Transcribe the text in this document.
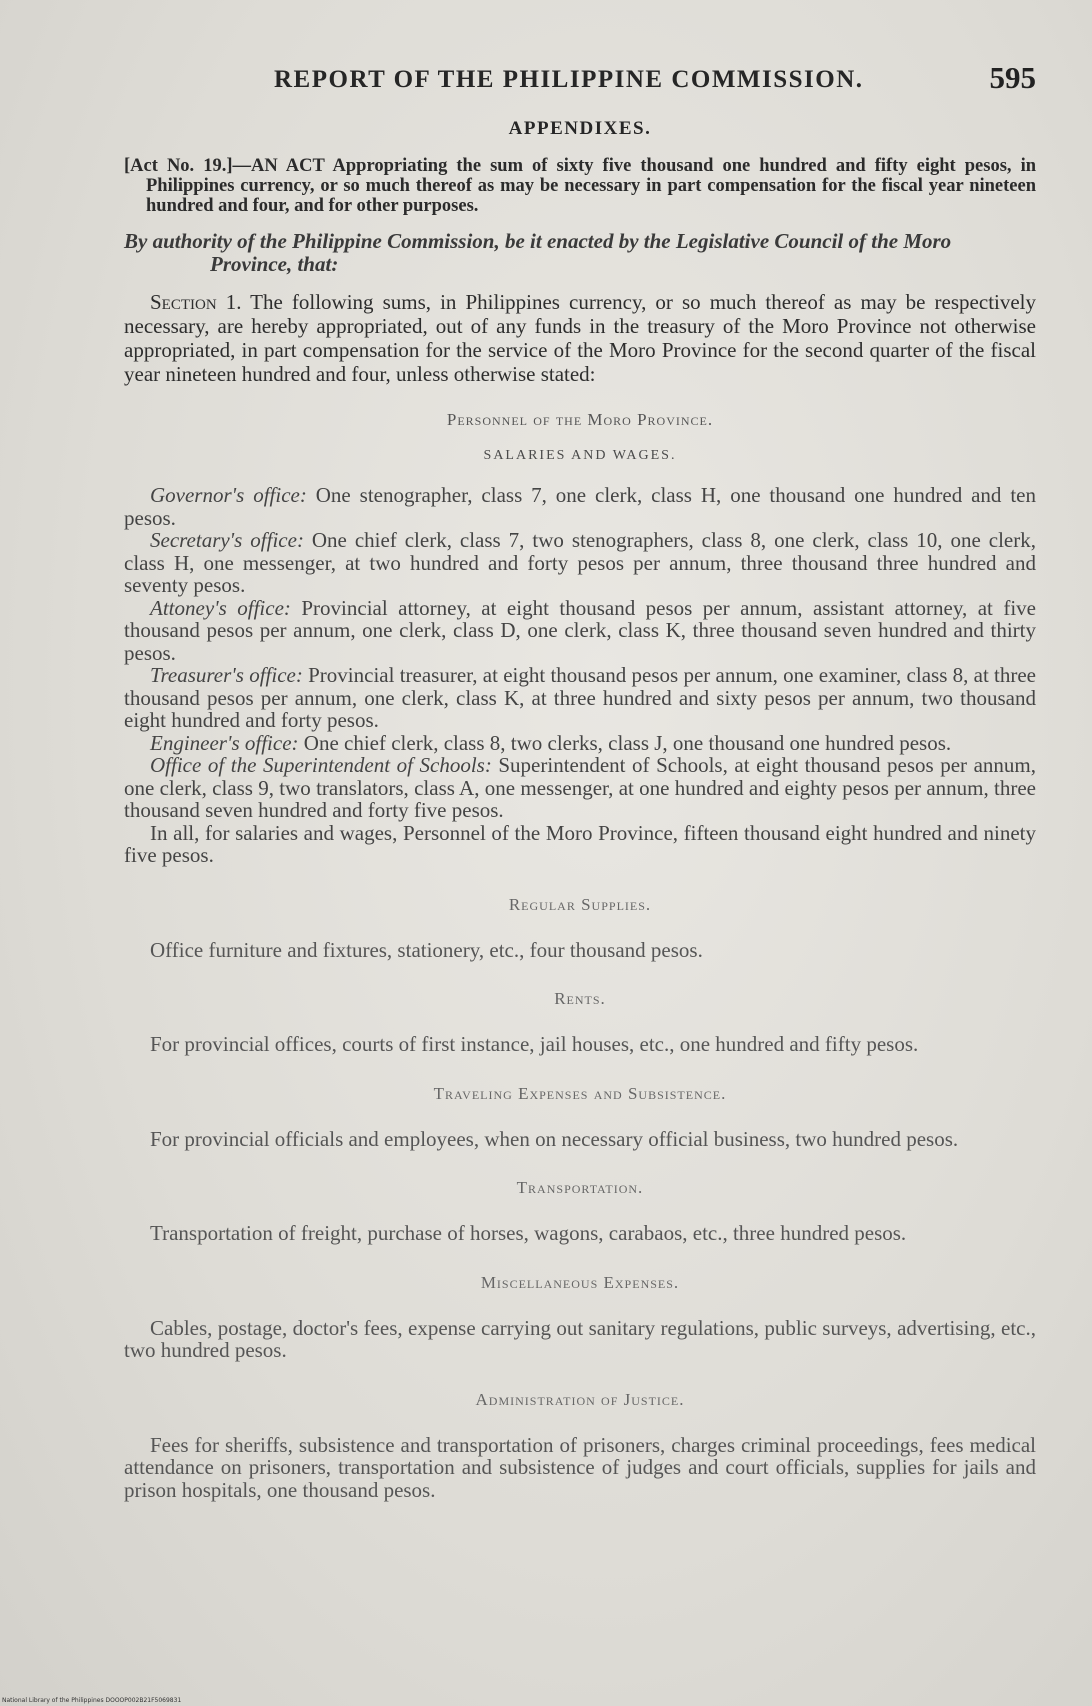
REPORT OF THE PHILIPPINE COMMISSION.	595
APPENDIXES.
[Act No. 19.]—AN ACT Appropriating the sum of sixty five thousand one hundred and fifty eight pesos, in Philippines currency, or so much thereof as may be necessary in part compensation for the fiscal year nineteen hundred and four, and for other purposes.
By authority of the Philippine Commission, be it enacted by the Legislative Council of the Moro Province, that:
Section 1. The following sums, in Philippines currency, or so much thereof as may be respectively necessary, are hereby appropriated, out of any funds in the treasury of the Moro Province not otherwise appropriated, in part compensation for the service of the Moro Province for the second quarter of the fiscal year nineteen hundred and four, unless otherwise stated:
Personnel of the Moro Province.
SALARIES AND WAGES.

Governor's office: One stenographer, class 7, one clerk, class H, one thousand one hundred and ten pesos.

Secretary's office: One chief clerk, class 7, two stenographers, class 8, one clerk, class 10, one clerk, class H, one messenger, at two hundred and forty pesos per annum, three thousand three hundred and seventy pesos.

Attoney's office: Provincial attorney, at eight thousand pesos per annum, assistant attorney, at five thousand pesos per annum, one clerk, class D, one clerk, class K, three thousand seven hundred and thirty pesos.

Treasurer's office: Provincial treasurer, at eight thousand pesos per annum, one examiner, class 8, at three thousand pesos per annum, one clerk, class K, at three hundred and sixty pesos per annum, two thousand eight hundred and forty pesos.

Engineer's office: One chief clerk, class 8, two clerks, class J, one thousand one hundred pesos.

Office of the Superintendent of Schools: Superintendent of Schools, at eight thousand pesos per annum, one clerk, class 9, two translators, class A, one messenger, at one hundred and eighty pesos per annum, three thousand seven hundred and forty five pesos.

In all, for salaries and wages, Personnel of the Moro Province, fifteen thousand eight hundred and ninety five pesos.

Regular Supplies.

Office furniture and fixtures, stationery, etc., four thousand pesos.

Rents.

For provincial offices, courts of first instance, jail houses, etc., one hundred and fifty pesos.

Traveling Expenses and Subsistence.

For provincial officials and employees, when on necessary official business, two hundred pesos.

Transportation.

Transportation of freight, purchase of horses, wagons, carabaos, etc., three hundred pesos.

Miscellaneous Expenses.

Cables, postage, doctor's fees, expense carrying out sanitary regulations, public surveys, advertising, etc., two hundred pesos.

Administration of Justice.

Fees for sheriffs, subsistence and transportation of prisoners, charges criminal proceedings, fees medical attendance on prisoners, transportation and subsistence of judges and court officials, supplies for jails and prison hospitals, one thousand pesos.

National Library of the Philippines DOOOP002B21F5069831
